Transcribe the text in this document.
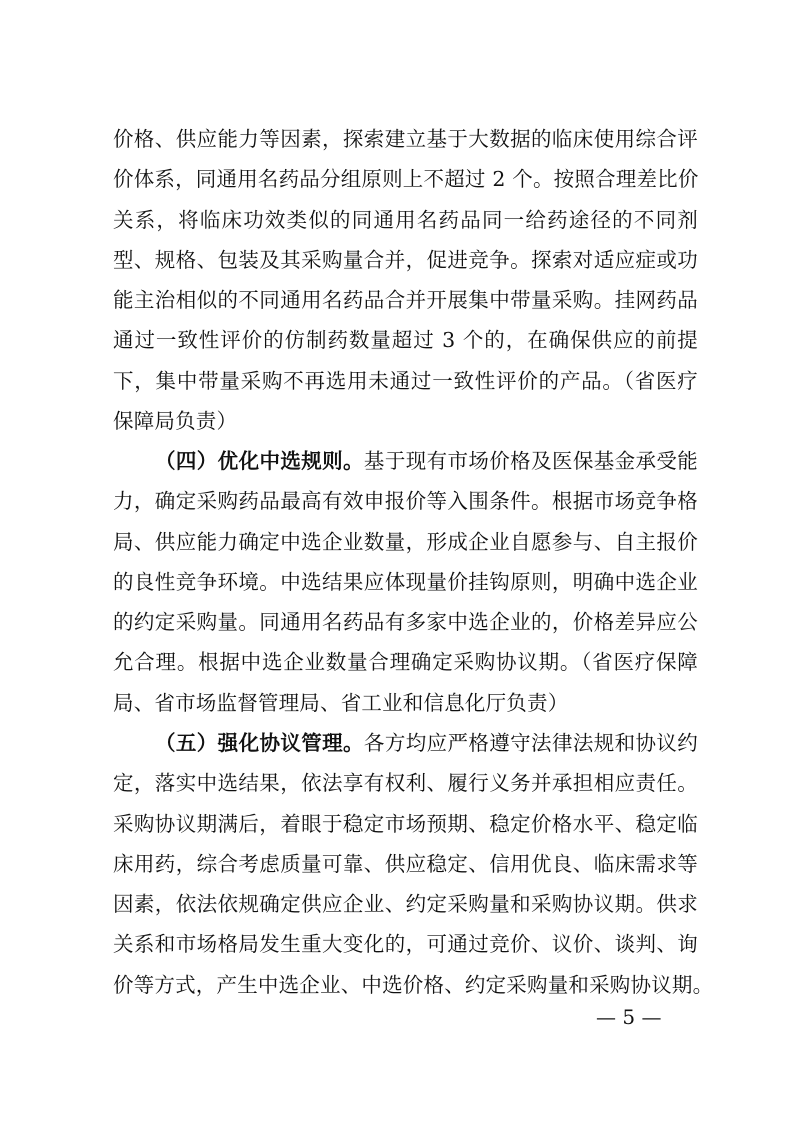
价格、供应能力等因素，探索建立基于大数据的临床使用综合评
价体系，同通用名药品分组原则上不超过 2 个。按照合理差比价
关系，将临床功效类似的同通用名药品同一给药途径的不同剂
型、规格、包装及其采购量合并，促进竞争。探索对适应症或功
能主治相似的不同通用名药品合并开展集中带量采购。挂网药品
通过一致性评价的仿制药数量超过 3 个的，在确保供应的前提
下，集中带量采购不再选用未通过一致性评价的产品。（省医疗
保障局负责）
（四）优化中选规则。基于现有市场价格及医保基金承受能
力，确定采购药品最高有效申报价等入围条件。根据市场竞争格
局、供应能力确定中选企业数量，形成企业自愿参与、自主报价
的良性竞争环境。中选结果应体现量价挂钩原则，明确中选企业
的约定采购量。同通用名药品有多家中选企业的，价格差异应公
允合理。根据中选企业数量合理确定采购协议期。（省医疗保障
局、省市场监督管理局、省工业和信息化厅负责）
（五）强化协议管理。各方均应严格遵守法律法规和协议约
定，落实中选结果，依法享有权利、履行义务并承担相应责任。
采购协议期满后，着眼于稳定市场预期、稳定价格水平、稳定临
床用药，综合考虑质量可靠、供应稳定、信用优良、临床需求等
因素，依法依规确定供应企业、约定采购量和采购协议期。供求
关系和市场格局发生重大变化的，可通过竞价、议价、谈判、询
价等方式，产生中选企业、中选价格、约定采购量和采购协议期。
— 5 —
